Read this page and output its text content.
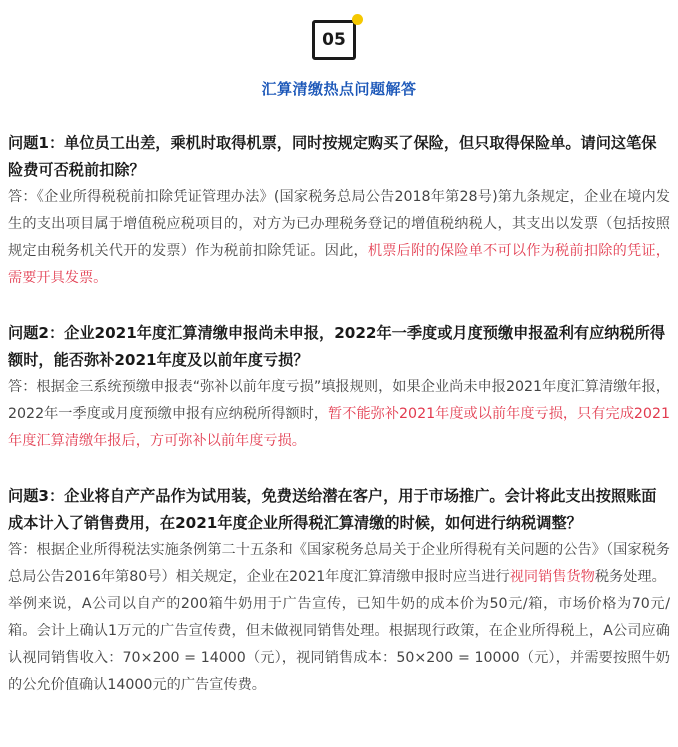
05
汇算清缴热点问题解答

问题1：单位员工出差，乘机时取得机票，同时按规定购买了保险，但只取得保险单。请问这笔保险费可否税前扣除？

答：《企业所得税税前扣除凭证管理办法》(国家税务总局公告2018年第28号)第九条规定，企业在境内发生的支出项目属于增值税应税项目的，对方为已办理税务登记的增值税纳税人，其支出以发票（包括按照规定由税务机关代开的发票）作为税前扣除凭证。因此，机票后附的保险单不可以作为税前扣除的凭证，需要开具发票。

问题2：企业2021年度汇算清缴申报尚未申报，2022年一季度或月度预缴申报盈利有应纳税所得额时，能否弥补2021年度及以前年度亏损？

答：根据金三系统预缴申报表“弥补以前年度亏损”填报规则，如果企业尚未申报2021年度汇算清缴年报，2022年一季度或月度预缴申报有应纳税所得额时，暂不能弥补2021年度或以前年度亏损，只有完成2021年度汇算清缴年报后，方可弥补以前年度亏损。

问题3：企业将自产产品作为试用装，免费送给潜在客户，用于市场推广。会计将此支出按照账面成本计入了销售费用，在2021年度企业所得税汇算清缴的时候，如何进行纳税调整？

答：根据企业所得税法实施条例第二十五条和《国家税务总局关于企业所得税有关问题的公告》（国家税务总局公告2016年第80号）相关规定，企业在2021年度汇算清缴申报时应当进行视同销售货物税务处理。

举例来说，A公司以自产的200箱牛奶用于广告宣传，已知牛奶的成本价为50元/箱，市场价格为70元/箱。会计上确认1万元的广告宣传费，但未做视同销售处理。根据现行政策，在企业所得税上，A公司应确认视同销售收入：70×200 = 14000（元），视同销售成本：50×200 = 10000（元），并需要按照牛奶的公允价值确认14000元的广告宣传费。
